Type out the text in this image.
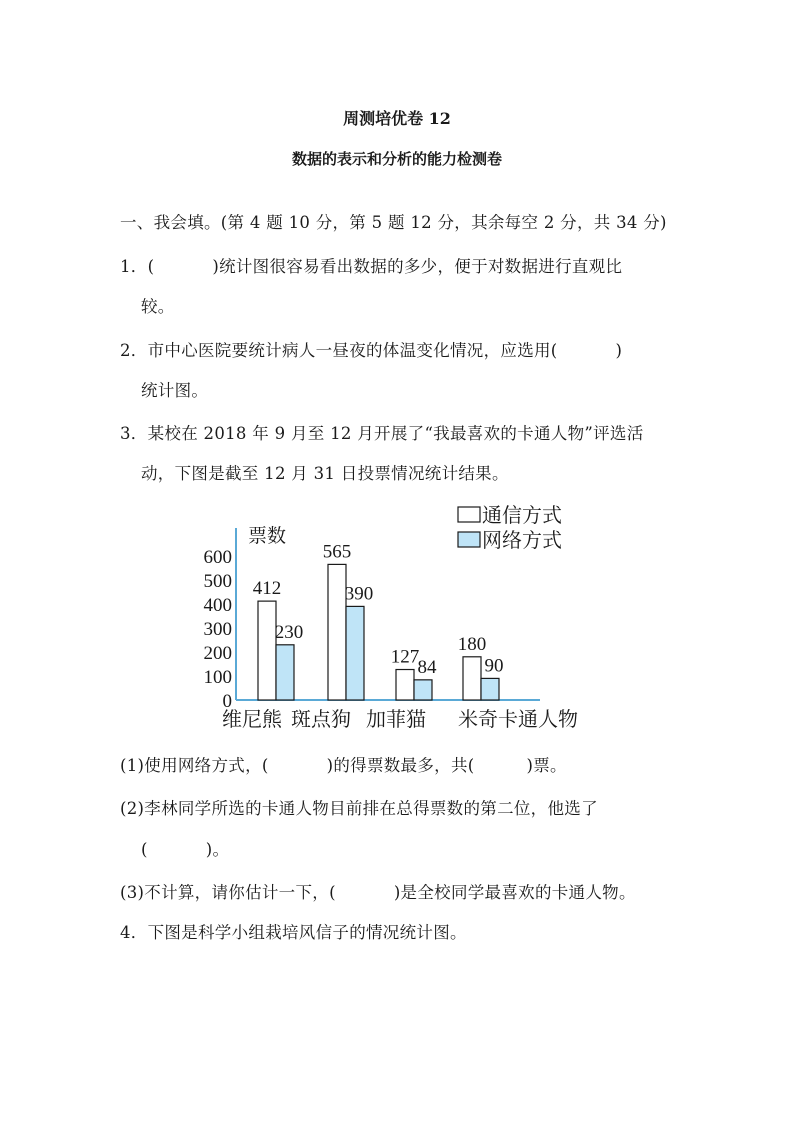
周测培优卷 12
数据的表示和分析的能力检测卷
一、我会填。(第 4 题 10 分，第 5 题 12 分，其余每空 2 分，共 34 分)
1．(	)统计图很容易看出数据的多少，便于对数据进行直观比
较。
2．市中心医院要统计病人一昼夜的体温变化情况，应选用(	)
统计图。
3．某校在 2018 年 9 月至 12 月开展了“我最喜欢的卡通人物”评选活
动，下图是截至 12 月 31 日投票情况统计结果。
0
100
200
300
400
500
600
票数
412
230
维尼熊
565
390
斑点狗
127
84
加菲猫
180
90
米奇卡通人物
通信方式
网络方式
(1)使用网络方式，(	)的得票数最多，共(	)票。
(2)李林同学所选的卡通人物目前排在总得票数的第二位，他选了
(	)。
(3)不计算，请你估计一下，(	)是全校同学最喜欢的卡通人物。
4．下图是科学小组栽培风信子的情况统计图。
